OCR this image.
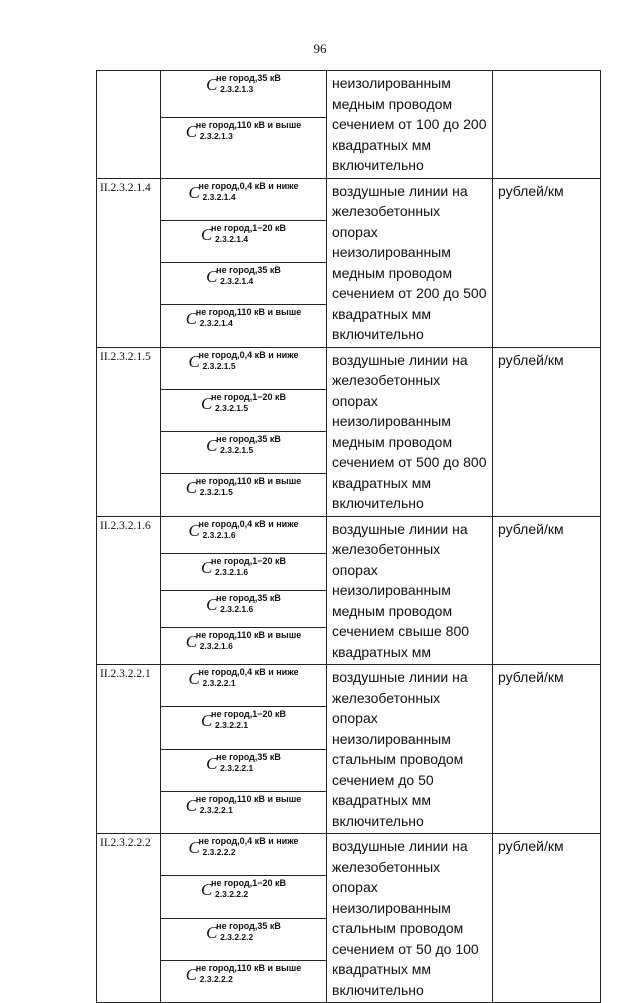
96

	C
не город,35 кВ
2.3.2.1.3	неизолированным медным проводом сечением от 100 до 200 квадратных мм включительно	

	C
не город,110 кВ и выше
2.3.2.1.3		

II.2.3.2.1.4	C
не город,0,4 кВ и ниже
2.3.2.1.4	воздушные линии на железобетонных опорах неизолированным медным проводом сечением от 200 до 500 квадратных мм включительно	рублей/км

	C
не город,1−20 кВ
2.3.2.1.4		

	C
не город,35 кВ
2.3.2.1.4		

	C
не город,110 кВ и выше
2.3.2.1.4		

II.2.3.2.1.5	C
не город,0,4 кВ и ниже
2.3.2.1.5	воздушные линии на железобетонных опорах неизолированным медным проводом сечением от 500 до 800 квадратных мм включительно	рублей/км

	C
не город,1−20 кВ
2.3.2.1.5		

	C
не город,35 кВ
2.3.2.1.5		

	C
не город,110 кВ и выше
2.3.2.1.5		

II.2.3.2.1.6	C
не город,0,4 кВ и ниже
2.3.2.1.6	воздушные линии на железобетонных опорах неизолированным медным проводом сечением свыше 800 квадратных мм	рублей/км

	C
не город,1−20 кВ
2.3.2.1.6		

	C
не город,35 кВ
2.3.2.1.6		

	C
не город,110 кВ и выше
2.3.2.1.6		

II.2.3.2.2.1	C
не город,0,4 кВ и ниже
2.3.2.2.1	воздушные линии на железобетонных опорах неизолированным стальным проводом сечением до 50 квадратных мм включительно	рублей/км

	C
не город,1−20 кВ
2.3.2.2.1		

	C
не город,35 кВ
2.3.2.2.1		

	C
не город,110 кВ и выше
2.3.2.2.1		

II.2.3.2.2.2	C
не город,0,4 кВ и ниже
2.3.2.2.2	воздушные линии на железобетонных опорах неизолированным стальным проводом сечением от 50 до 100 квадратных мм включительно	рублей/км

	C
не город,1−20 кВ
2.3.2.2.2		

	C
не город,35 кВ
2.3.2.2.2		

	C
не город,110 кВ и выше
2.3.2.2.2		
